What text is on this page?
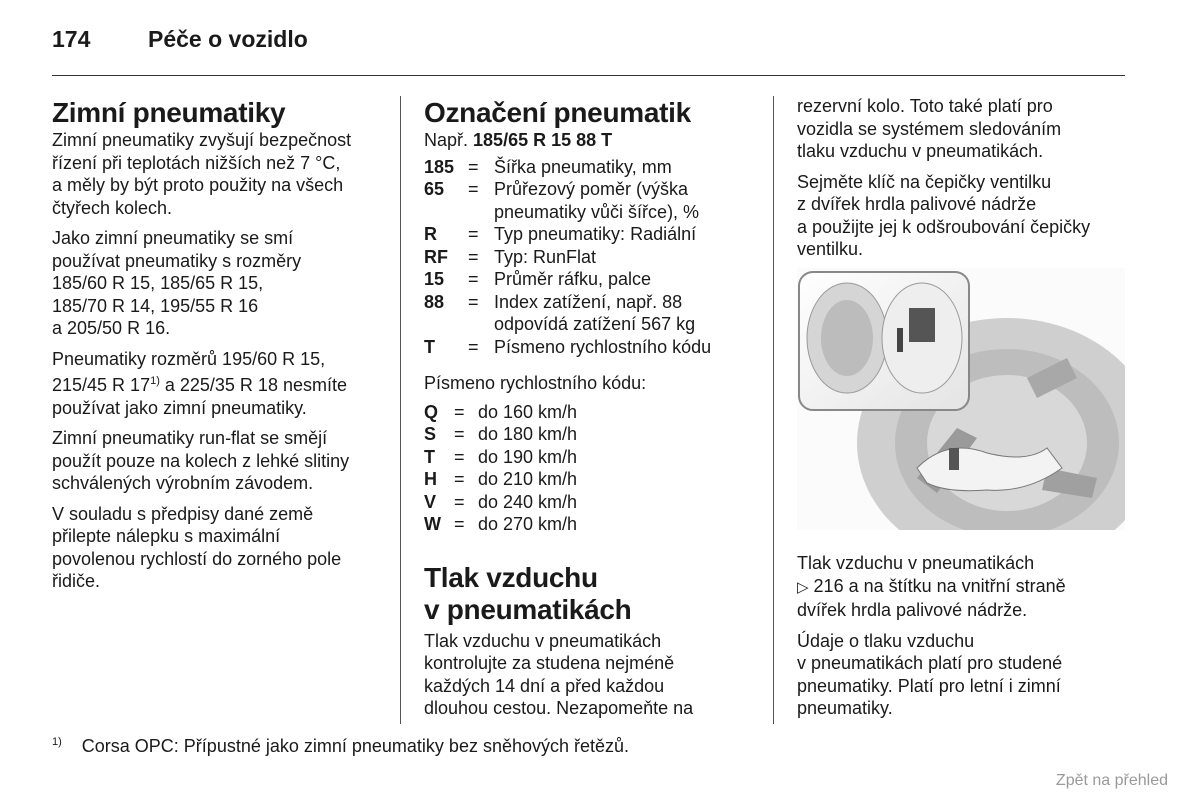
174	Péče o vozidlo
Zimní pneumatiky

Zimní pneumatiky zvyšují bezpečnost
řízení při teplotách nižších než 7 °C,
a měly by být proto použity na všech
čtyřech kolech.

Jako zimní pneumatiky se smí
používat pneumatiky s rozměry
185/60 R 15, 185/65 R 15,
185/70 R 14, 195/55 R 16
a 205/50 R 16.

Pneumatiky rozměrů 195/60 R 15,
215/45 R 17$^{1)}$ a 225/35 R 18 nesmíte
používat jako zimní pneumatiky.

Zimní pneumatiky run-flat se smějí
použít pouze na kolech z lehké slitiny
schválených výrobním závodem.

V souladu s předpisy dané země
přilepte nálepku s maximální
povolenou rychlostí do zorného pole
řidiče.

Označení pneumatik

Např. 185/65 R 15 88 T

185 = Šířka pneumatiky, mm
65	= Průřezový poměr (výška
pneumatiky vůči šířce), %
R	= Typ pneumatiky: Radiální
RF	= Typ: RunFlat
15	= Průměr ráfku, palce
88	= Index zatížení, např. 88
odpovídá zatížení 567 kg
T	= Písmeno rychlostního kódu

Písmeno rychlostního kódu:

Q = do 160 km/h
S = do 180 km/h
T	= do 190 km/h
H = do 210 km/h
V = do 240 km/h
W = do 270 km/h
Tlak vzduchu
v pneumatikách

Tlak vzduchu v pneumatikách
kontrolujte za studena nejméně
každých 14 dní a před každou
dlouhou cestou. Nezapomeňte na

rezervní kolo. Toto také platí pro
vozidla se systémem sledováním
tlaku vzduchu v pneumatikách.

Sejměte klíč na čepičky ventilku
z dvířek hrdla palivové nádrže
a použijte jej k odšroubování čepičky
ventilku.

Tlak vzduchu v pneumatikách
▷ 216 a na štítku na vnitřní straně
dvířek hrdla palivové nádrže.

Údaje o tlaku vzduchu
v pneumatikách platí pro studené
pneumatiky. Platí pro letní i zimní
pneumatiky.

$^{1)}$ Corsa OPC: Přípustné jako zimní pneumatiky bez sněhových řetězů.
Zpět na přehled
